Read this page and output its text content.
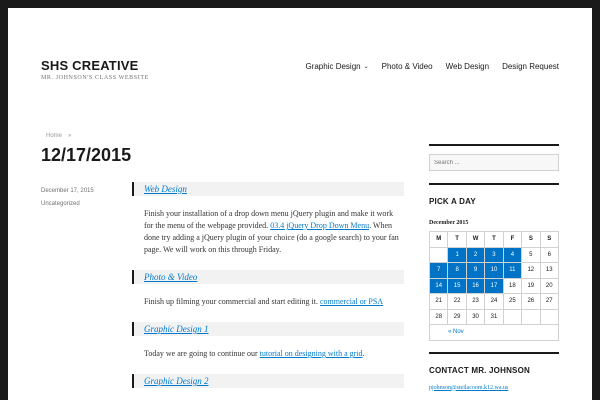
SHS CREATIVE
MR. JOHNSON'S CLASS WEBSITE
Graphic Design ⌄ Photo & Video Web Design Design Request
Home »
12/17/2015
December 17, 2015
Uncategorized
Web Design

Finish your installation of a drop down menu jQuery plugin and make it work for the menu of the webpage provided. 03.4 jQuery Drop Down Menu. When done try adding a jQuery plugin of your choice (do a google search) to your fan page. We will work on this through Friday.

Photo & Video

Finish up filming your commercial and start editing it. commercial or PSA

Graphic Design 1

Today we are going to continue our tutorial on designing with a grid.

Graphic Design 2
Search ...
PICK A DAY
December 2015
M	T	W	T	F	S	S
	1	2	3	4	5	6
7	8	9	10	11	12	13
14	15	16	17	18	19	20
21	22	23	24	25	26	27
28	29	30	31			
« Nov						
CONTACT MR. JOHNSON
pjohnson@steilacoom.k12.wa.us
